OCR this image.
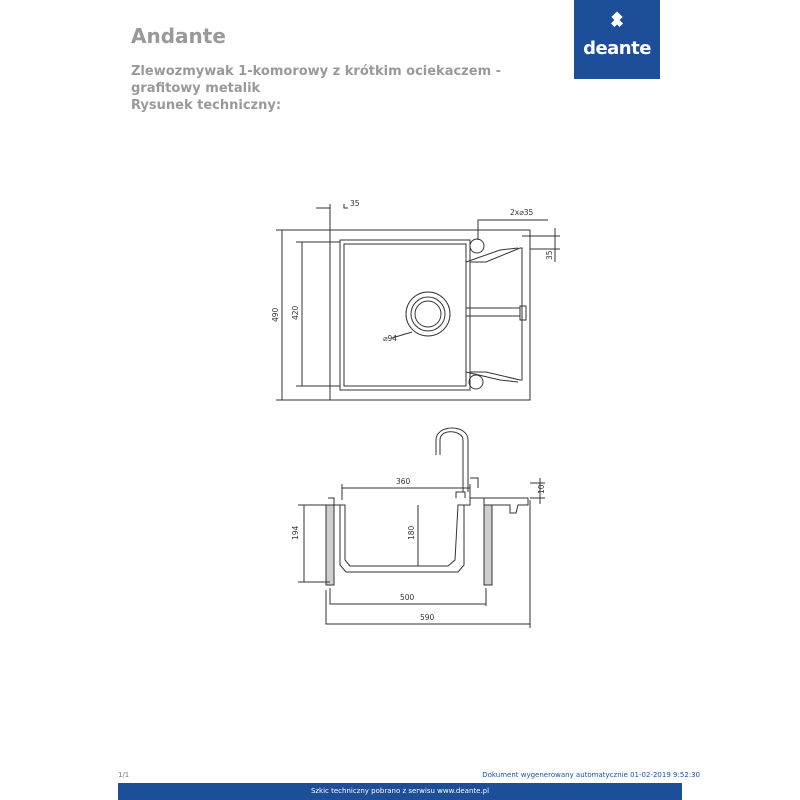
Andante

Zlewozmywak 1-komorowy z krótkim ociekaczem -

grafitowy metalik

Rysunek techniczny:

deante
35
2x⌀35
35
490 420
⌀94
360
10
194	180
500
590
1/1	Dokument wygenerowany automatycznie 01-02-2019 9:52:30
Szkic techniczny pobrano z serwisu www.deante.pl
